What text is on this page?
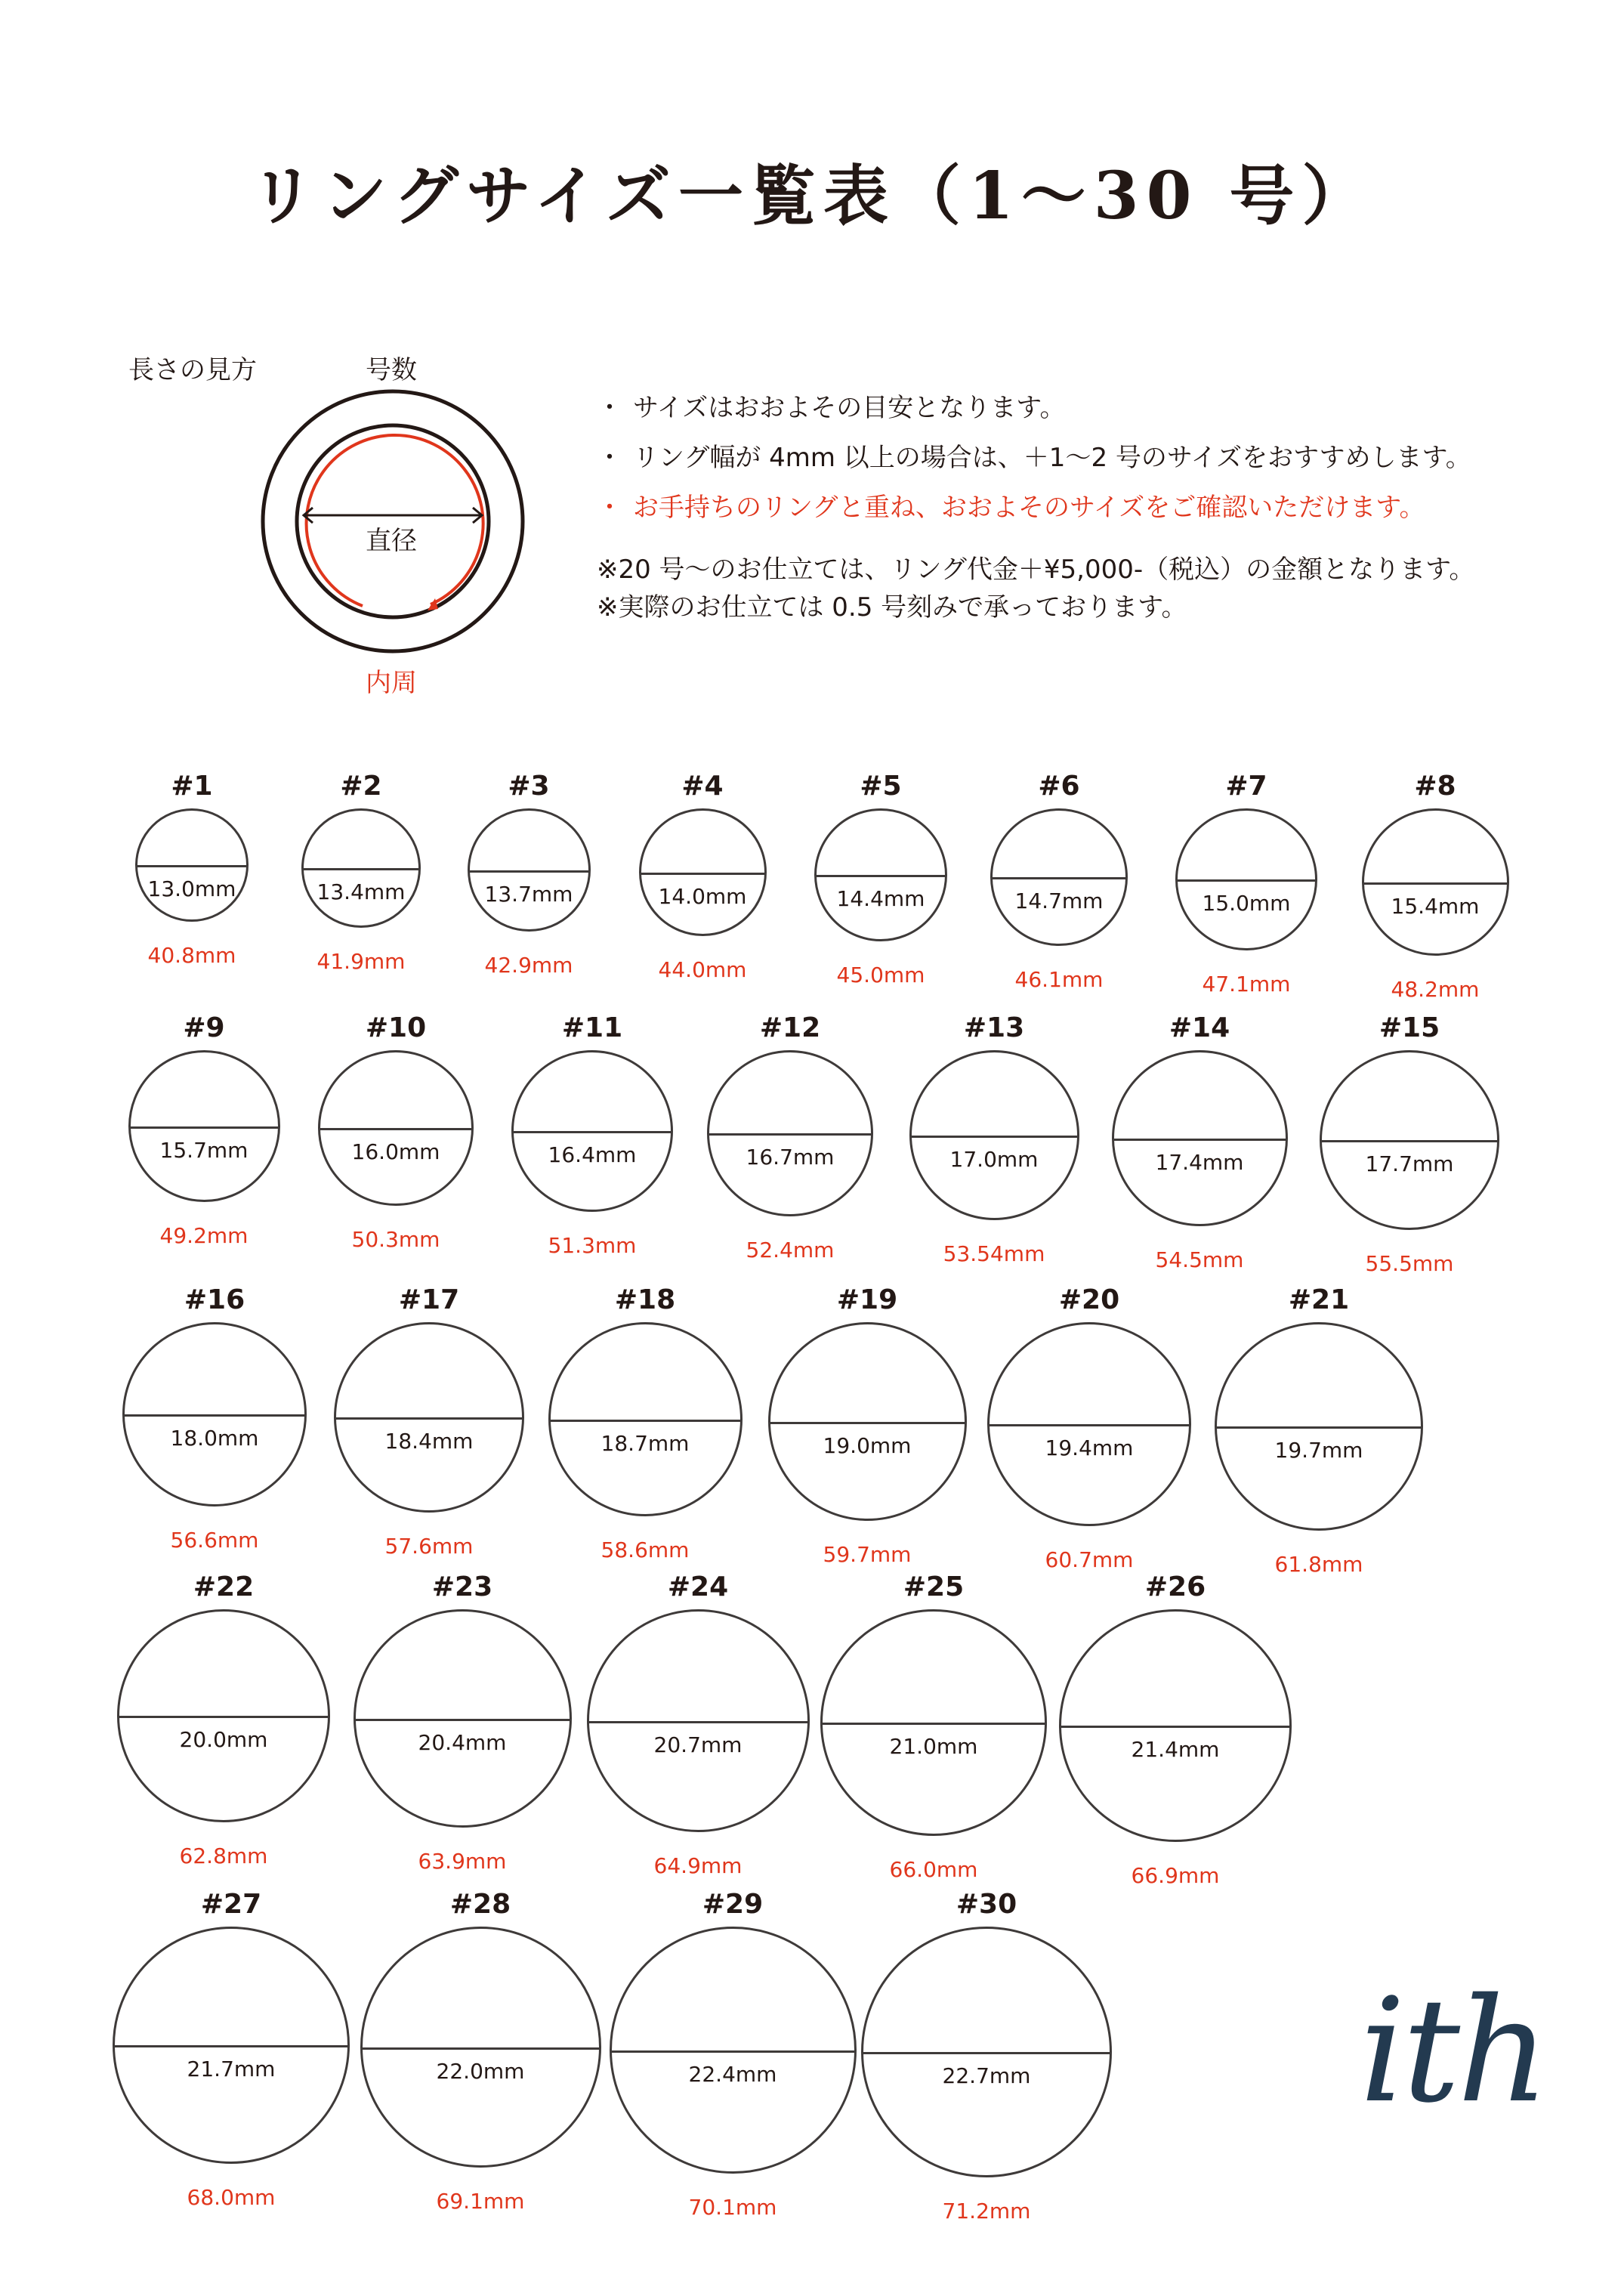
リングサイズ一覧表（1〜30 号）
長さの見方	号数
直径
内周
・ サイズはおおよその目安となります。
・ リング幅が 4mm 以上の場合は、＋1〜2 号のサイズをおすすめします。
・ お手持ちのリングと重ね、おおよそのサイズをご確認いただけます。
※20 号〜のお仕立ては、リング代金＋¥5,000-（税込）の金額となります。
※実際のお仕立ては 0.5 号刻みで承っております。
#1
13.0mm
40.8mm
#2
13.4mm
41.9mm
#3
13.7mm
42.9mm
#4
14.0mm
44.0mm
#5
14.4mm
45.0mm
#6
14.7mm
46.1mm
#7
15.0mm
47.1mm
#8
15.4mm
48.2mm
#9
15.7mm
49.2mm
#10
16.0mm
50.3mm
#11
16.4mm
51.3mm
#12
16.7mm
52.4mm
#13
17.0mm
53.54mm
#14
17.4mm
54.5mm
#15
17.7mm
55.5mm
#16
18.0mm
56.6mm
#17
18.4mm
57.6mm
#18
18.7mm
58.6mm
#19
19.0mm
59.7mm
#20
19.4mm
60.7mm
#21
19.7mm
61.8mm
#22
20.0mm
62.8mm
#23
20.4mm
63.9mm
#24
20.7mm
64.9mm
#25
21.0mm
66.0mm
#26
21.4mm
66.9mm
#27
21.7mm
68.0mm
#28
22.0mm
69.1mm
#29
22.4mm
70.1mm
#30
22.7mm
71.2mm
ith
